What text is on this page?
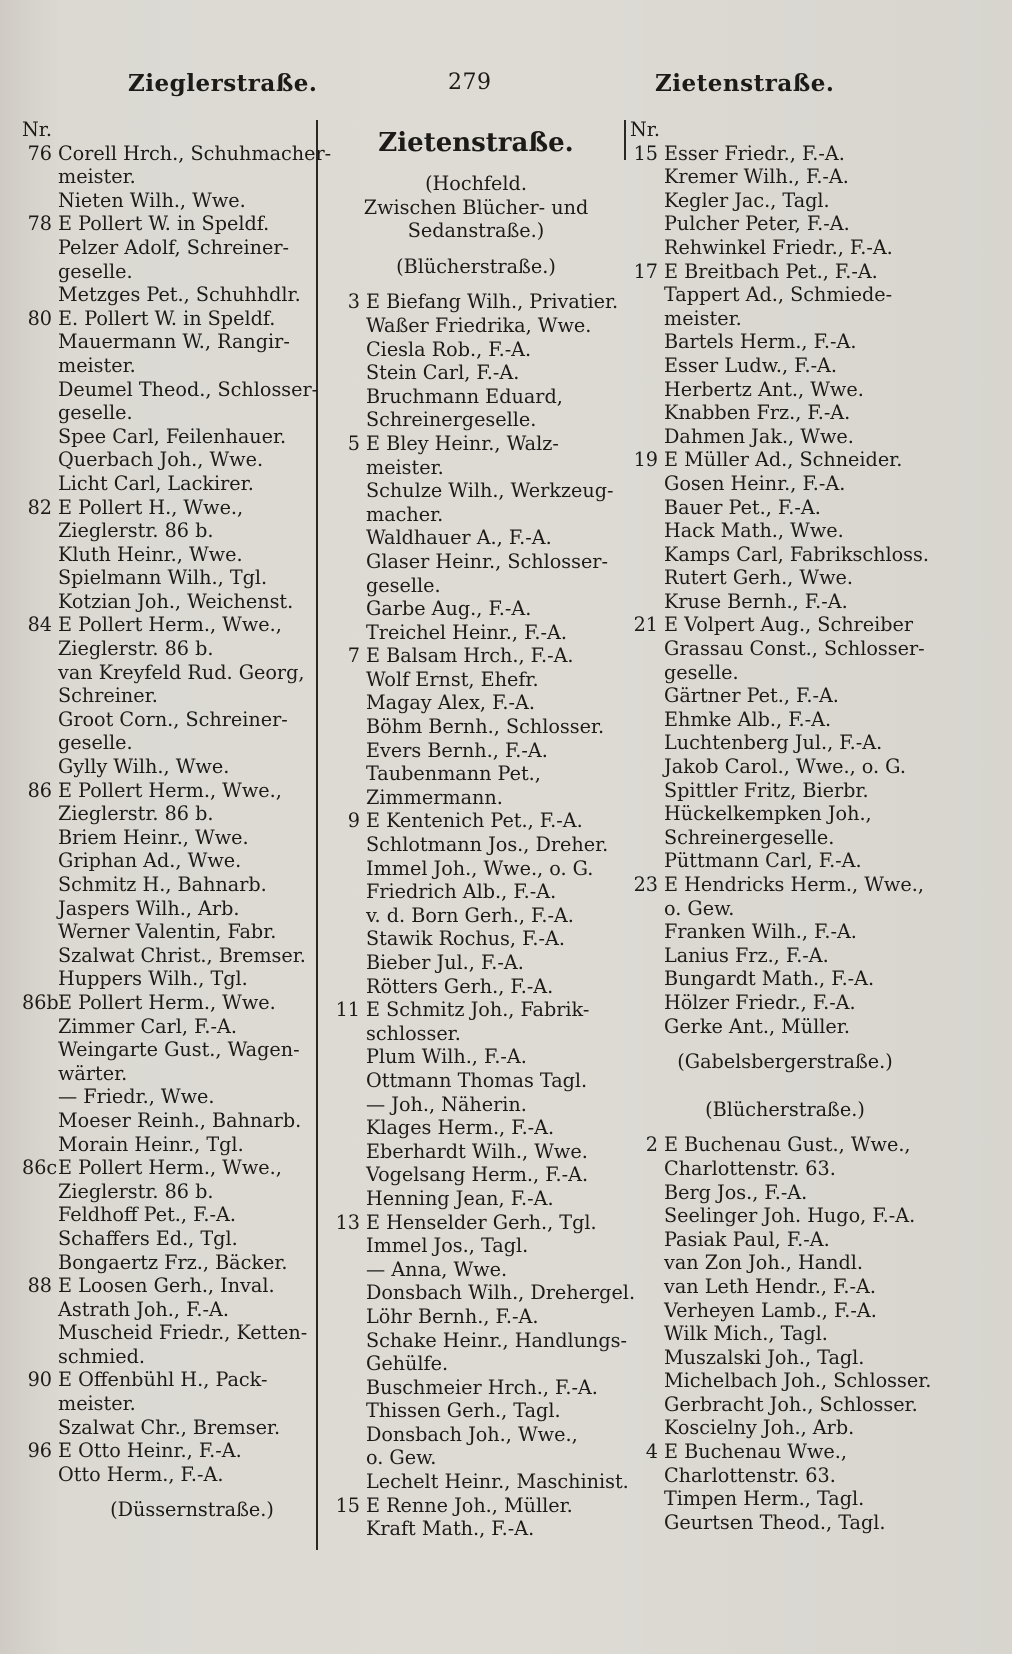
Zieglerstraße.	279	Zietenstraße.
Nr.
76 Corell Hrch., Schuhmacher-
meister.
Nieten Wilh., Wwe.
78 E Pollert W. in Speldf.
Pelzer Adolf, Schreiner-
geselle.
Metzges Pet., Schuhhdlr.
80 E. Pollert W. in Speldf.
Mauermann W., Rangir-
meister.
Deumel Theod., Schlosser-
geselle.
Spee Carl, Feilenhauer.
Querbach Joh., Wwe.
Licht Carl, Lackirer.
82 E Pollert H., Wwe.,
Zieglerstr. 86 b.
Kluth Heinr., Wwe.
Spielmann Wilh., Tgl.
Kotzian Joh., Weichenst.
84 E Pollert Herm., Wwe.,
Zieglerstr. 86 b.
van Kreyfeld Rud. Georg,
Schreiner.
Groot Corn., Schreiner-
geselle.
Gylly Wilh., Wwe.
86 E Pollert Herm., Wwe.,
Zieglerstr. 86 b.
Briem Heinr., Wwe.
Griphan Ad., Wwe.
Schmitz H., Bahnarb.
Jaspers Wilh., Arb.
Werner Valentin, Fabr.
Szalwat Christ., Bremser.
Huppers Wilh., Tgl.
86b E Pollert Herm., Wwe.
Zimmer Carl, F.-A.
Weingarte Gust., Wagen-
wärter.
— Friedr., Wwe.
Moeser Reinh., Bahnarb.
Morain Heinr., Tgl.
86c E Pollert Herm., Wwe.,
Zieglerstr. 86 b.
Feldhoff Pet., F.-A.
Schaffers Ed., Tgl.
Bongaertz Frz., Bäcker.
88 E Loosen Gerh., Inval.
Astrath Joh., F.-A.
Muscheid Friedr., Ketten-
schmied.
90 E Offenbühl H., Pack-
meister.
Szalwat Chr., Bremser.
96 E Otto Heinr., F.-A.
Otto Herm., F.-A.
(Düssernstraße.)
Zietenstraße.
(Hochfeld.
Zwischen Blücher- und
Sedanstraße.)
(Blücherstraße.)
3 E Biefang Wilh., Privatier.
Waßer Friedrika, Wwe.
Ciesla Rob., F.-A.
Stein Carl, F.-A.
Bruchmann Eduard,
Schreinergeselle.
5 E Bley Heinr., Walz-
meister.
Schulze Wilh., Werkzeug-
macher.
Waldhauer A., F.-A.
Glaser Heinr., Schlosser-
geselle.
Garbe Aug., F.-A.
Treichel Heinr., F.-A.
7 E Balsam Hrch., F.-A.
Wolf Ernst, Ehefr.
Magay Alex, F.-A.
Böhm Bernh., Schlosser.
Evers Bernh., F.-A.
Taubenmann Pet.,
Zimmermann.
9 E Kentenich Pet., F.-A.
Schlotmann Jos., Dreher.
Immel Joh., Wwe., o. G.
Friedrich Alb., F.-A.
v. d. Born Gerh., F.-A.
Stawik Rochus, F.-A.
Bieber Jul., F.-A.
Rötters Gerh., F.-A.
11 E Schmitz Joh., Fabrik-
schlosser.
Plum Wilh., F.-A.
Ottmann Thomas Tagl.
— Joh., Näherin.
Klages Herm., F.-A.
Eberhardt Wilh., Wwe.
Vogelsang Herm., F.-A.
Henning Jean, F.-A.
13 E Henselder Gerh., Tgl.
Immel Jos., Tagl.
— Anna, Wwe.
Donsbach Wilh., Drehergel.
Löhr Bernh., F.-A.
Schake Heinr., Handlungs-
Gehülfe.
Buschmeier Hrch., F.-A.
Thissen Gerh., Tagl.
Donsbach Joh., Wwe.,
o. Gew.
Lechelt Heinr., Maschinist.
15 E Renne Joh., Müller.
Kraft Math., F.-A.
Nr.
15 Esser Friedr., F.-A.
Kremer Wilh., F.-A.
Kegler Jac., Tagl.
Pulcher Peter, F.-A.
Rehwinkel Friedr., F.-A.
17 E Breitbach Pet., F.-A.
Tappert Ad., Schmiede-
meister.
Bartels Herm., F.-A.
Esser Ludw., F.-A.
Herbertz Ant., Wwe.
Knabben Frz., F.-A.
Dahmen Jak., Wwe.
19 E Müller Ad., Schneider.
Gosen Heinr., F.-A.
Bauer Pet., F.-A.
Hack Math., Wwe.
Kamps Carl, Fabrikschloss.
Rutert Gerh., Wwe.
Kruse Bernh., F.-A.
21 E Volpert Aug., Schreiber
Grassau Const., Schlosser-
geselle.
Gärtner Pet., F.-A.
Ehmke Alb., F.-A.
Luchtenberg Jul., F.-A.
Jakob Carol., Wwe., o. G.
Spittler Fritz, Bierbr.
Hückelkempken Joh.,
Schreinergeselle.
Püttmann Carl, F.-A.
23 E Hendricks Herm., Wwe.,
o. Gew.
Franken Wilh., F.-A.
Lanius Frz., F.-A.
Bungardt Math., F.-A.
Hölzer Friedr., F.-A.
Gerke Ant., Müller.
(Gabelsbergerstraße.)
(Blücherstraße.)
2 E Buchenau Gust., Wwe.,
Charlottenstr. 63.
Berg Jos., F.-A.
Seelinger Joh. Hugo, F.-A.
Pasiak Paul, F.-A.
van Zon Joh., Handl.
van Leth Hendr., F.-A.
Verheyen Lamb., F.-A.
Wilk Mich., Tagl.
Muszalski Joh., Tagl.
Michelbach Joh., Schlosser.
Gerbracht Joh., Schlosser.
Koscielny Joh., Arb.
4 E Buchenau Wwe.,
Charlottenstr. 63.
Timpen Herm., Tagl.
Geurtsen Theod., Tagl.
